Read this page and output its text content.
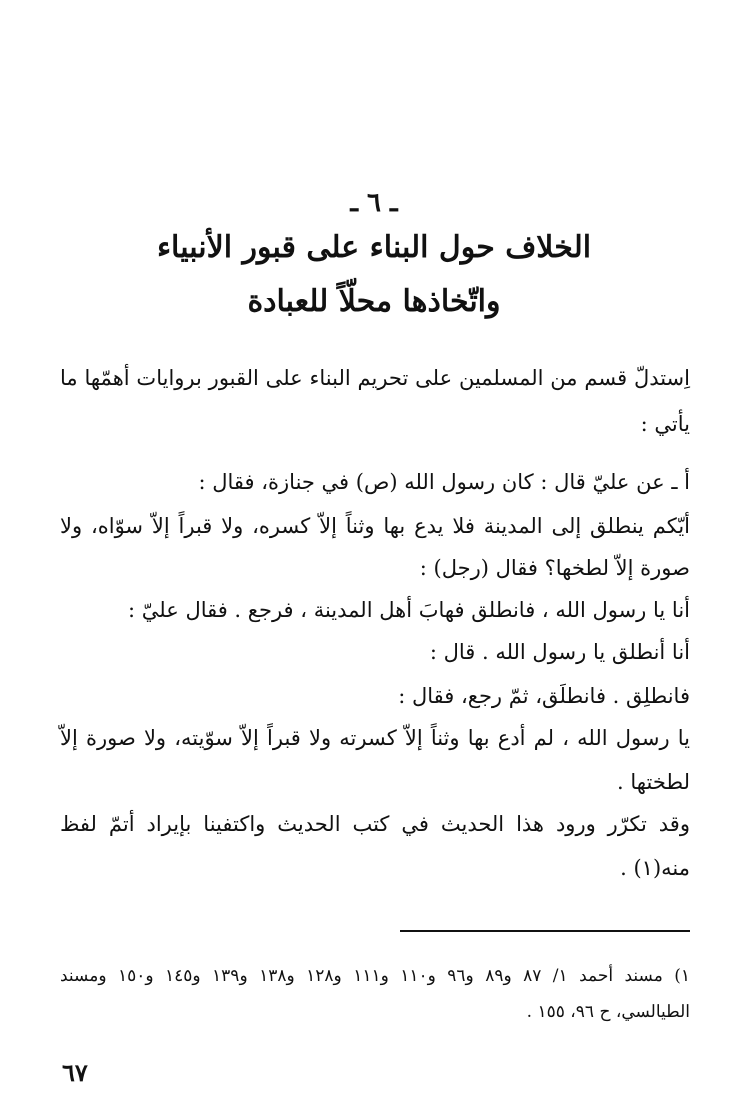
ـ ٦ ـ
الخلاف حول البناء على قبور الأنبياء
واتّخاذها محلّاً للعبادة
اِستدلّ قسم من المسلمين على تحريم البناء على القبور بروايات أهمّها ما
يأتي :
أ ـ عن عليّ قال : كان رسول الله (ص) في جنازة، فقال :
أيّكم ينطلق إلى المدينة فلا يدع بها وثناً إلاّ كسره، ولا قبراً إلاّ سوّاه، ولا
صورة إلاّ لطخها؟ فقال (رجل) :
أنا يا رسول الله ، فانطلق فهابَ أهل المدينة ، فرجع . فقال عليّ :
أنا أنطلق يا رسول الله . قال :
فانطلِق . فانطلَق، ثمّ رجع، فقال :
يا رسول الله ، لم أدع بها وثناً إلاّ كسرته ولا قبراً إلاّ سوّيته، ولا صورة إلاّ
لطختها .
وقد تكرّر ورود هذا الحديث في كتب الحديث واكتفينا بإيراد أتمّ لفظ
منه(١) .
١) مسند أحمد ١/ ٨٧ و٨٩ و٩٦ و١١٠ و١١١ و١٢٨ و١٣٨ و١٣٩ و١٤٥ و١٥٠ ومسند
الطيالسي، ح ٩٦، ١٥٥ .
٦٧
